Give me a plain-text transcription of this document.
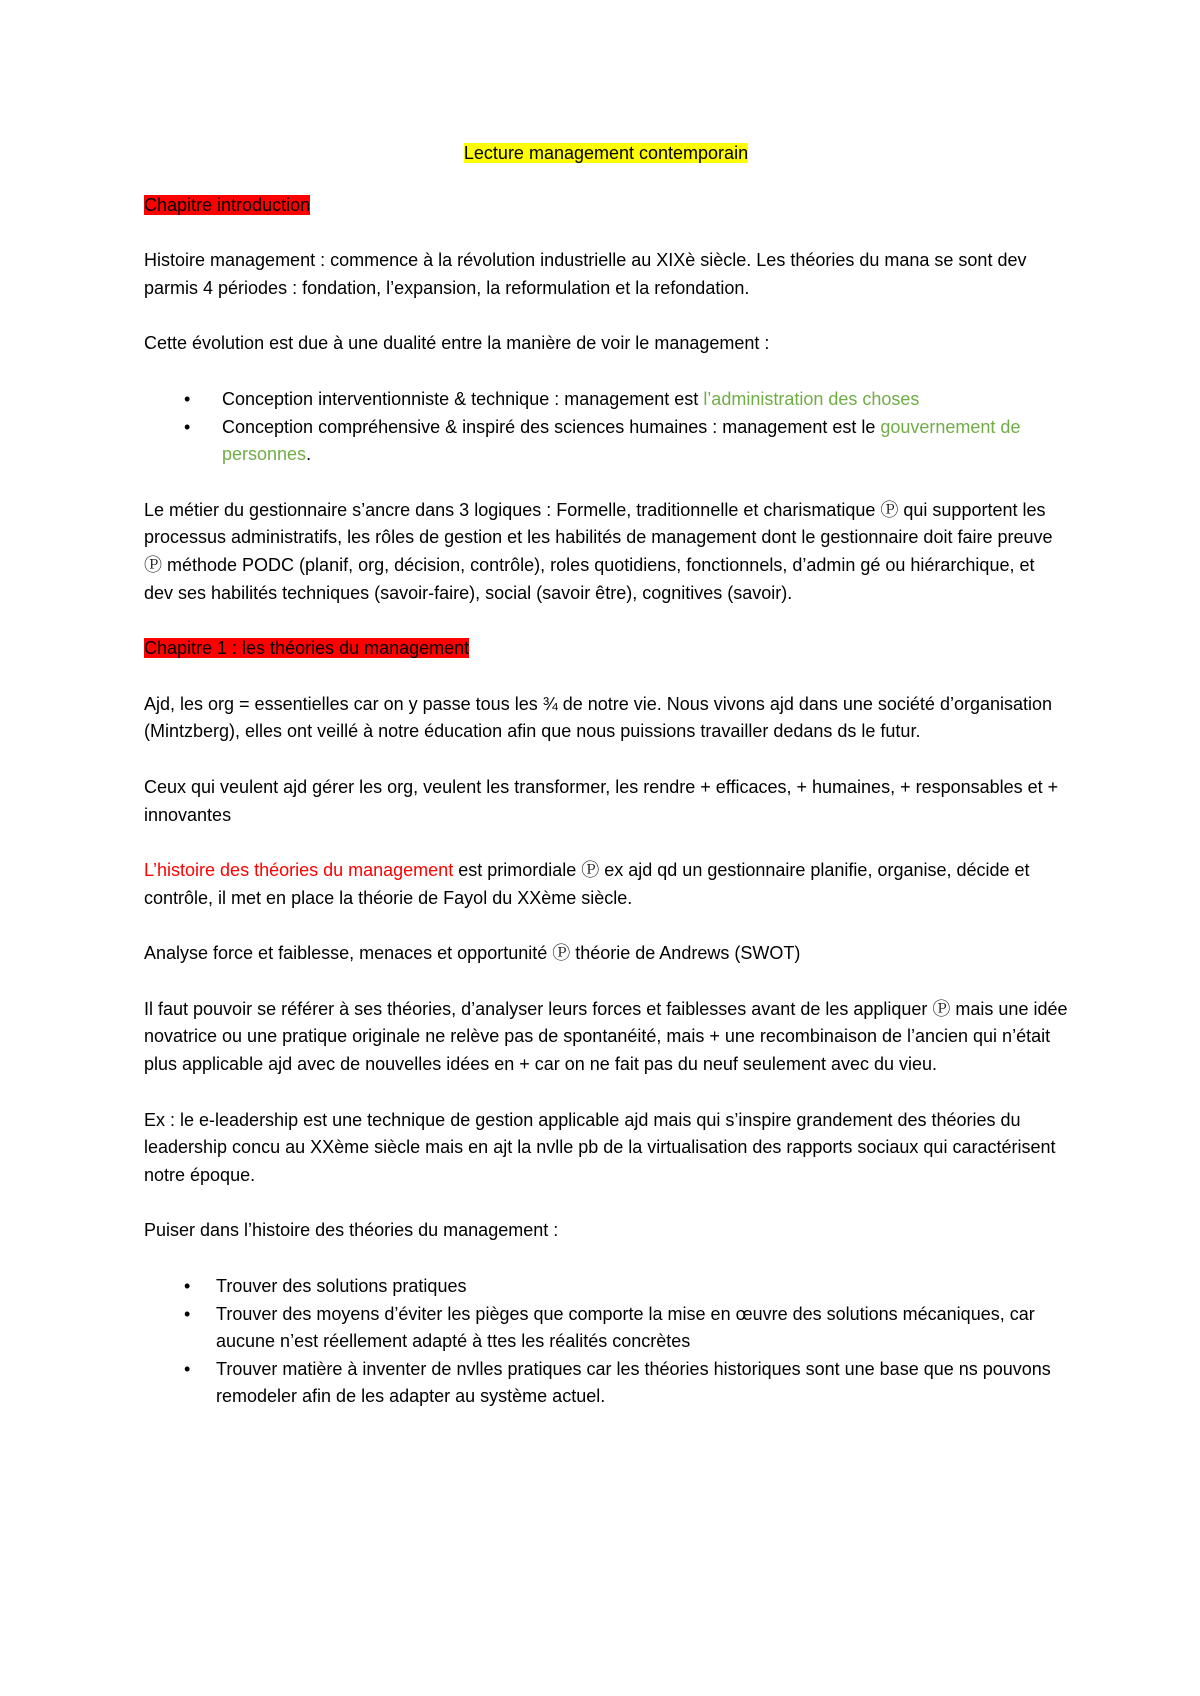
Lecture management contemporain
Chapitre introduction

Histoire management : commence à la révolution industrielle au XIXè siècle. Les théories du mana se sont dev parmis 4 périodes : fondation, l’expansion, la reformulation et la refondation.

Cette évolution est due à une dualité entre la manière de voir le management :

• Conception interventionniste & technique : management est l’administration des choses
• Conception compréhensive & inspiré des sciences humaines : management est le gouvernement de personnes.

Le métier du gestionnaire s’ancre dans 3 logiques : Formelle, traditionnelle et charismatique Ⓟ qui supportent les processus administratifs, les rôles de gestion et les habilités de management dont le gestionnaire doit faire preuve Ⓟ méthode PODC (planif, org, décision, contrôle), roles quotidiens, fonctionnels, d’admin gé ou hiérarchique, et dev ses habilités techniques (savoir-faire), social (savoir être), cognitives (savoir).

Chapitre 1 : les théories du management

Ajd, les org = essentielles car on y passe tous les ¾ de notre vie. Nous vivons ajd dans une société d’organisation (Mintzberg), elles ont veillé à notre éducation afin que nous puissions travailler dedans ds le futur.

Ceux qui veulent ajd gérer les org, veulent les transformer, les rendre + efficaces, + humaines, + responsables et + innovantes

L’histoire des théories du management est primordiale Ⓟ ex ajd qd un gestionnaire planifie, organise, décide et contrôle, il met en place la théorie de Fayol du XXème siècle.

Analyse force et faiblesse, menaces et opportunité Ⓟ théorie de Andrews (SWOT)

Il faut pouvoir se référer à ses théories, d’analyser leurs forces et faiblesses avant de les appliquer Ⓟ mais une idée novatrice ou une pratique originale ne relève pas de spontanéité, mais + une recombinaison de l’ancien qui n’était plus applicable ajd avec de nouvelles idées en + car on ne fait pas du neuf seulement avec du vieu.

Ex : le e-leadership est une technique de gestion applicable ajd mais qui s’inspire grandement des théories du leadership concu au XXème siècle mais en ajt la nvlle pb de la virtualisation des rapports sociaux qui caractérisent notre époque.

Puiser dans l’histoire des théories du management :

• Trouver des solutions pratiques
• Trouver des moyens d’éviter les pièges que comporte la mise en œuvre des solutions mécaniques, car aucune n’est réellement adapté à ttes les réalités concrètes
• Trouver matière à inventer de nvlles pratiques car les théories historiques sont une base que ns pouvons remodeler afin de les adapter au système actuel.
